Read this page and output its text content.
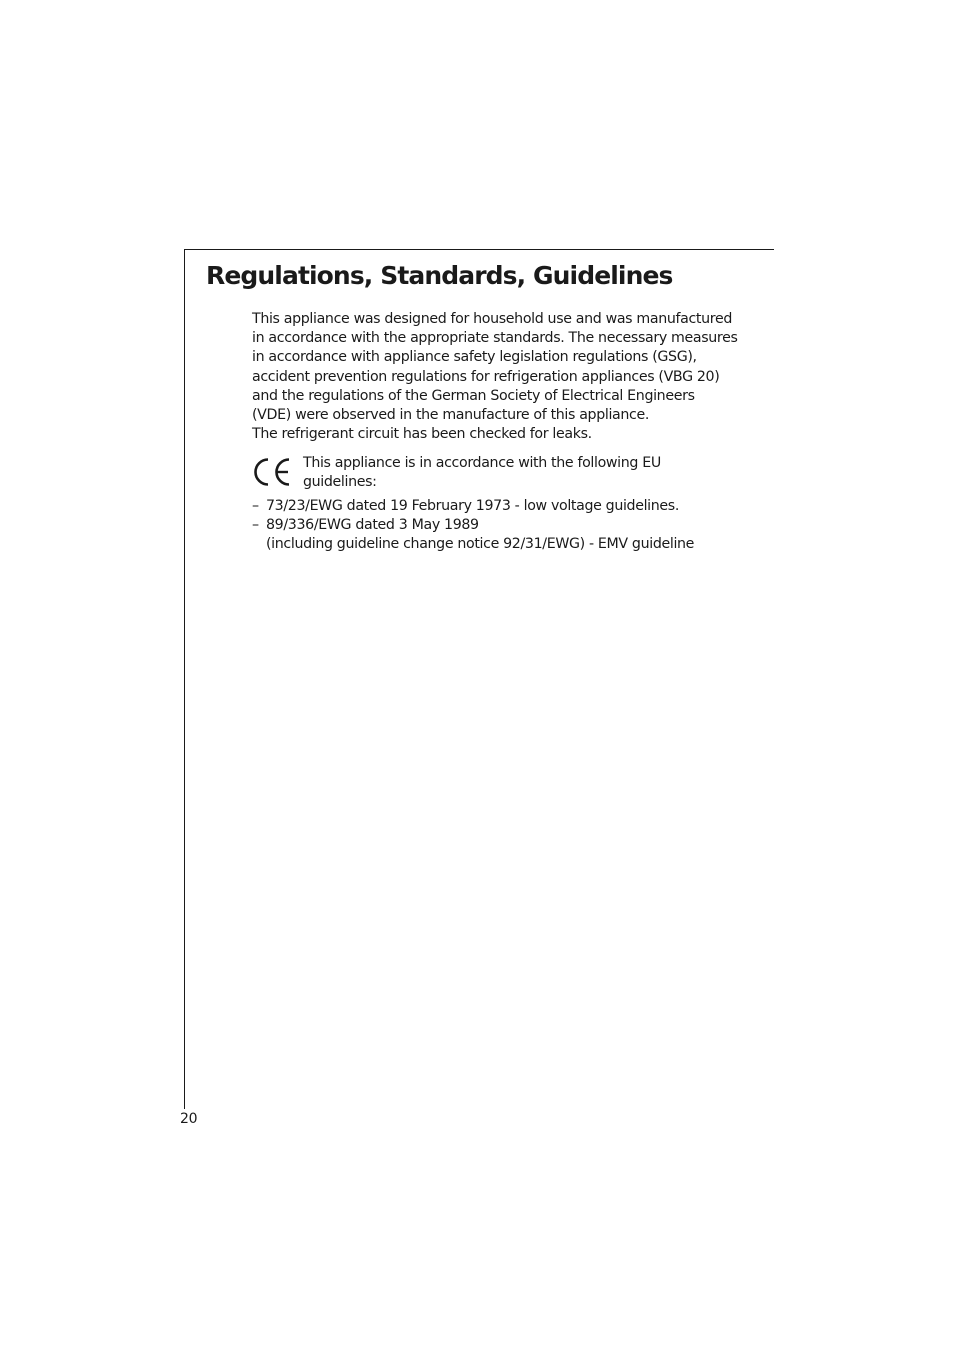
Regulations, Standards, Guidelines
This appliance was designed for household use and was manufactured
in accordance with the appropriate standards. The necessary measures
in accordance with appliance safety legislation regulations (GSG),
accident prevention regulations for refrigeration appliances (VBG 20)
and the regulations of the German Society of Electrical Engineers
(VDE) were observed in the manufacture of this appliance.
The refrigerant circuit has been checked for leaks.
This appliance is in accordance with the following EU
guidelines:
– 73/23/EWG dated 19 February 1973 - low voltage guidelines.
– 89/336/EWG dated 3 May 1989
(including guideline change notice 92/31/EWG) - EMV guideline
20
